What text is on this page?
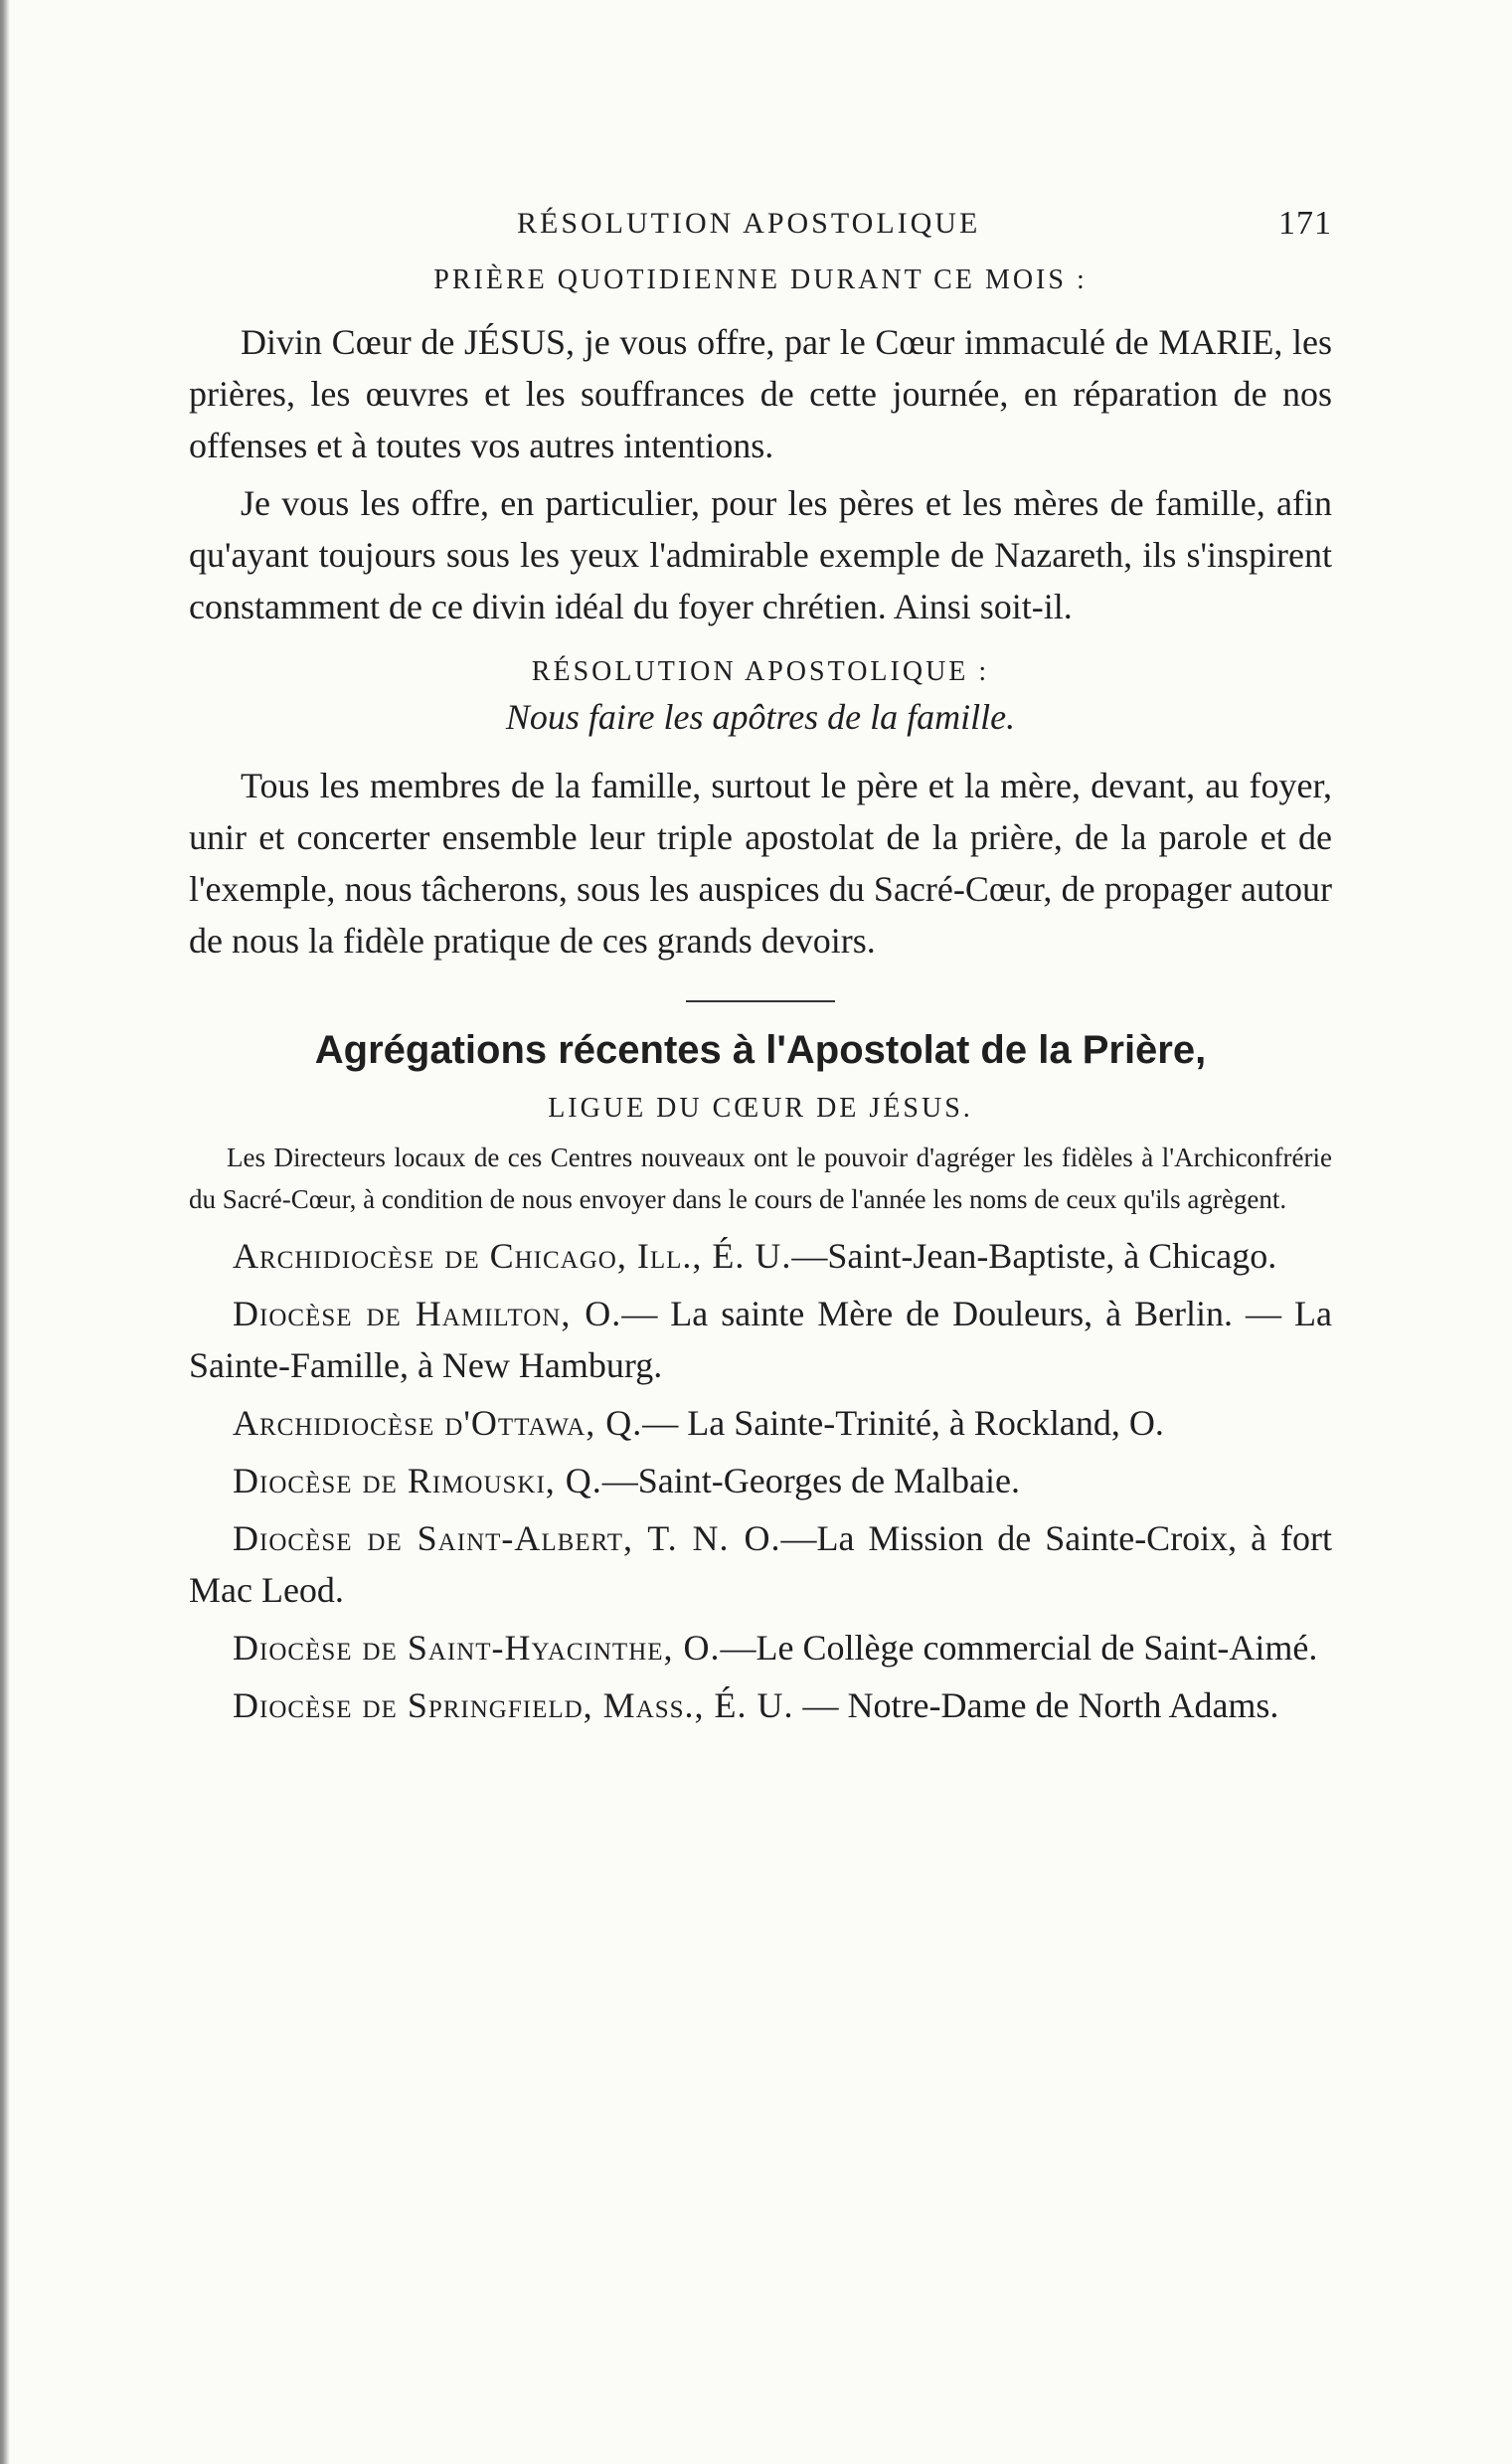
RÉSOLUTION APOSTOLIQUE	171
PRIÈRE QUOTIDIENNE DURANT CE MOIS :

Divin Cœur de JÉSUS, je vous offre, par le Cœur immaculé de MARIE, les prières, les œuvres et les souffrances de cette journée, en réparation de nos offenses et à toutes vos autres intentions.

Je vous les offre, en particulier, pour les pères et les mères de famille, afin qu'ayant toujours sous les yeux l'admirable exemple de Nazareth, ils s'inspirent constamment de ce divin idéal du foyer chrétien. Ainsi soit-il.

RÉSOLUTION APOSTOLIQUE :
Nous faire les apôtres de la famille.

Tous les membres de la famille, surtout le père et la mère, devant, au foyer, unir et concerter ensemble leur triple apostolat de la prière, de la parole et de l'exemple, nous tâcherons, sous les auspices du Sacré-Cœur, de propager autour de nous la fidèle pratique de ces grands devoirs.

Agrégations récentes à l'Apostolat de la Prière,
LIGUE DU CŒUR DE JÉSUS.

Les Directeurs locaux de ces Centres nouveaux ont le pouvoir d'agréger les fidèles à l'Archiconfrérie du Sacré-Cœur, à condition de nous envoyer dans le cours de l'année les noms de ceux qu'ils agrègent.

Archidiocèse de Chicago, Ill., É. U.—Saint-Jean-Baptiste, à Chicago.

Diocèse de Hamilton, O.— La sainte Mère de Douleurs, à Berlin. — La Sainte-Famille, à New Hamburg.

Archidiocèse d'Ottawa, Q.— La Sainte-Trinité, à Rockland, O.

Diocèse de Rimouski, Q.—Saint-Georges de Malbaie.

Diocèse de Saint-Albert, T. N. O.—La Mission de Sainte-Croix, à fort Mac Leod.

Diocèse de Saint-Hyacinthe, O.—Le Collège commercial de Saint-Aimé.

Diocèse de Springfield, Mass., É. U. — Notre-Dame de North Adams.
